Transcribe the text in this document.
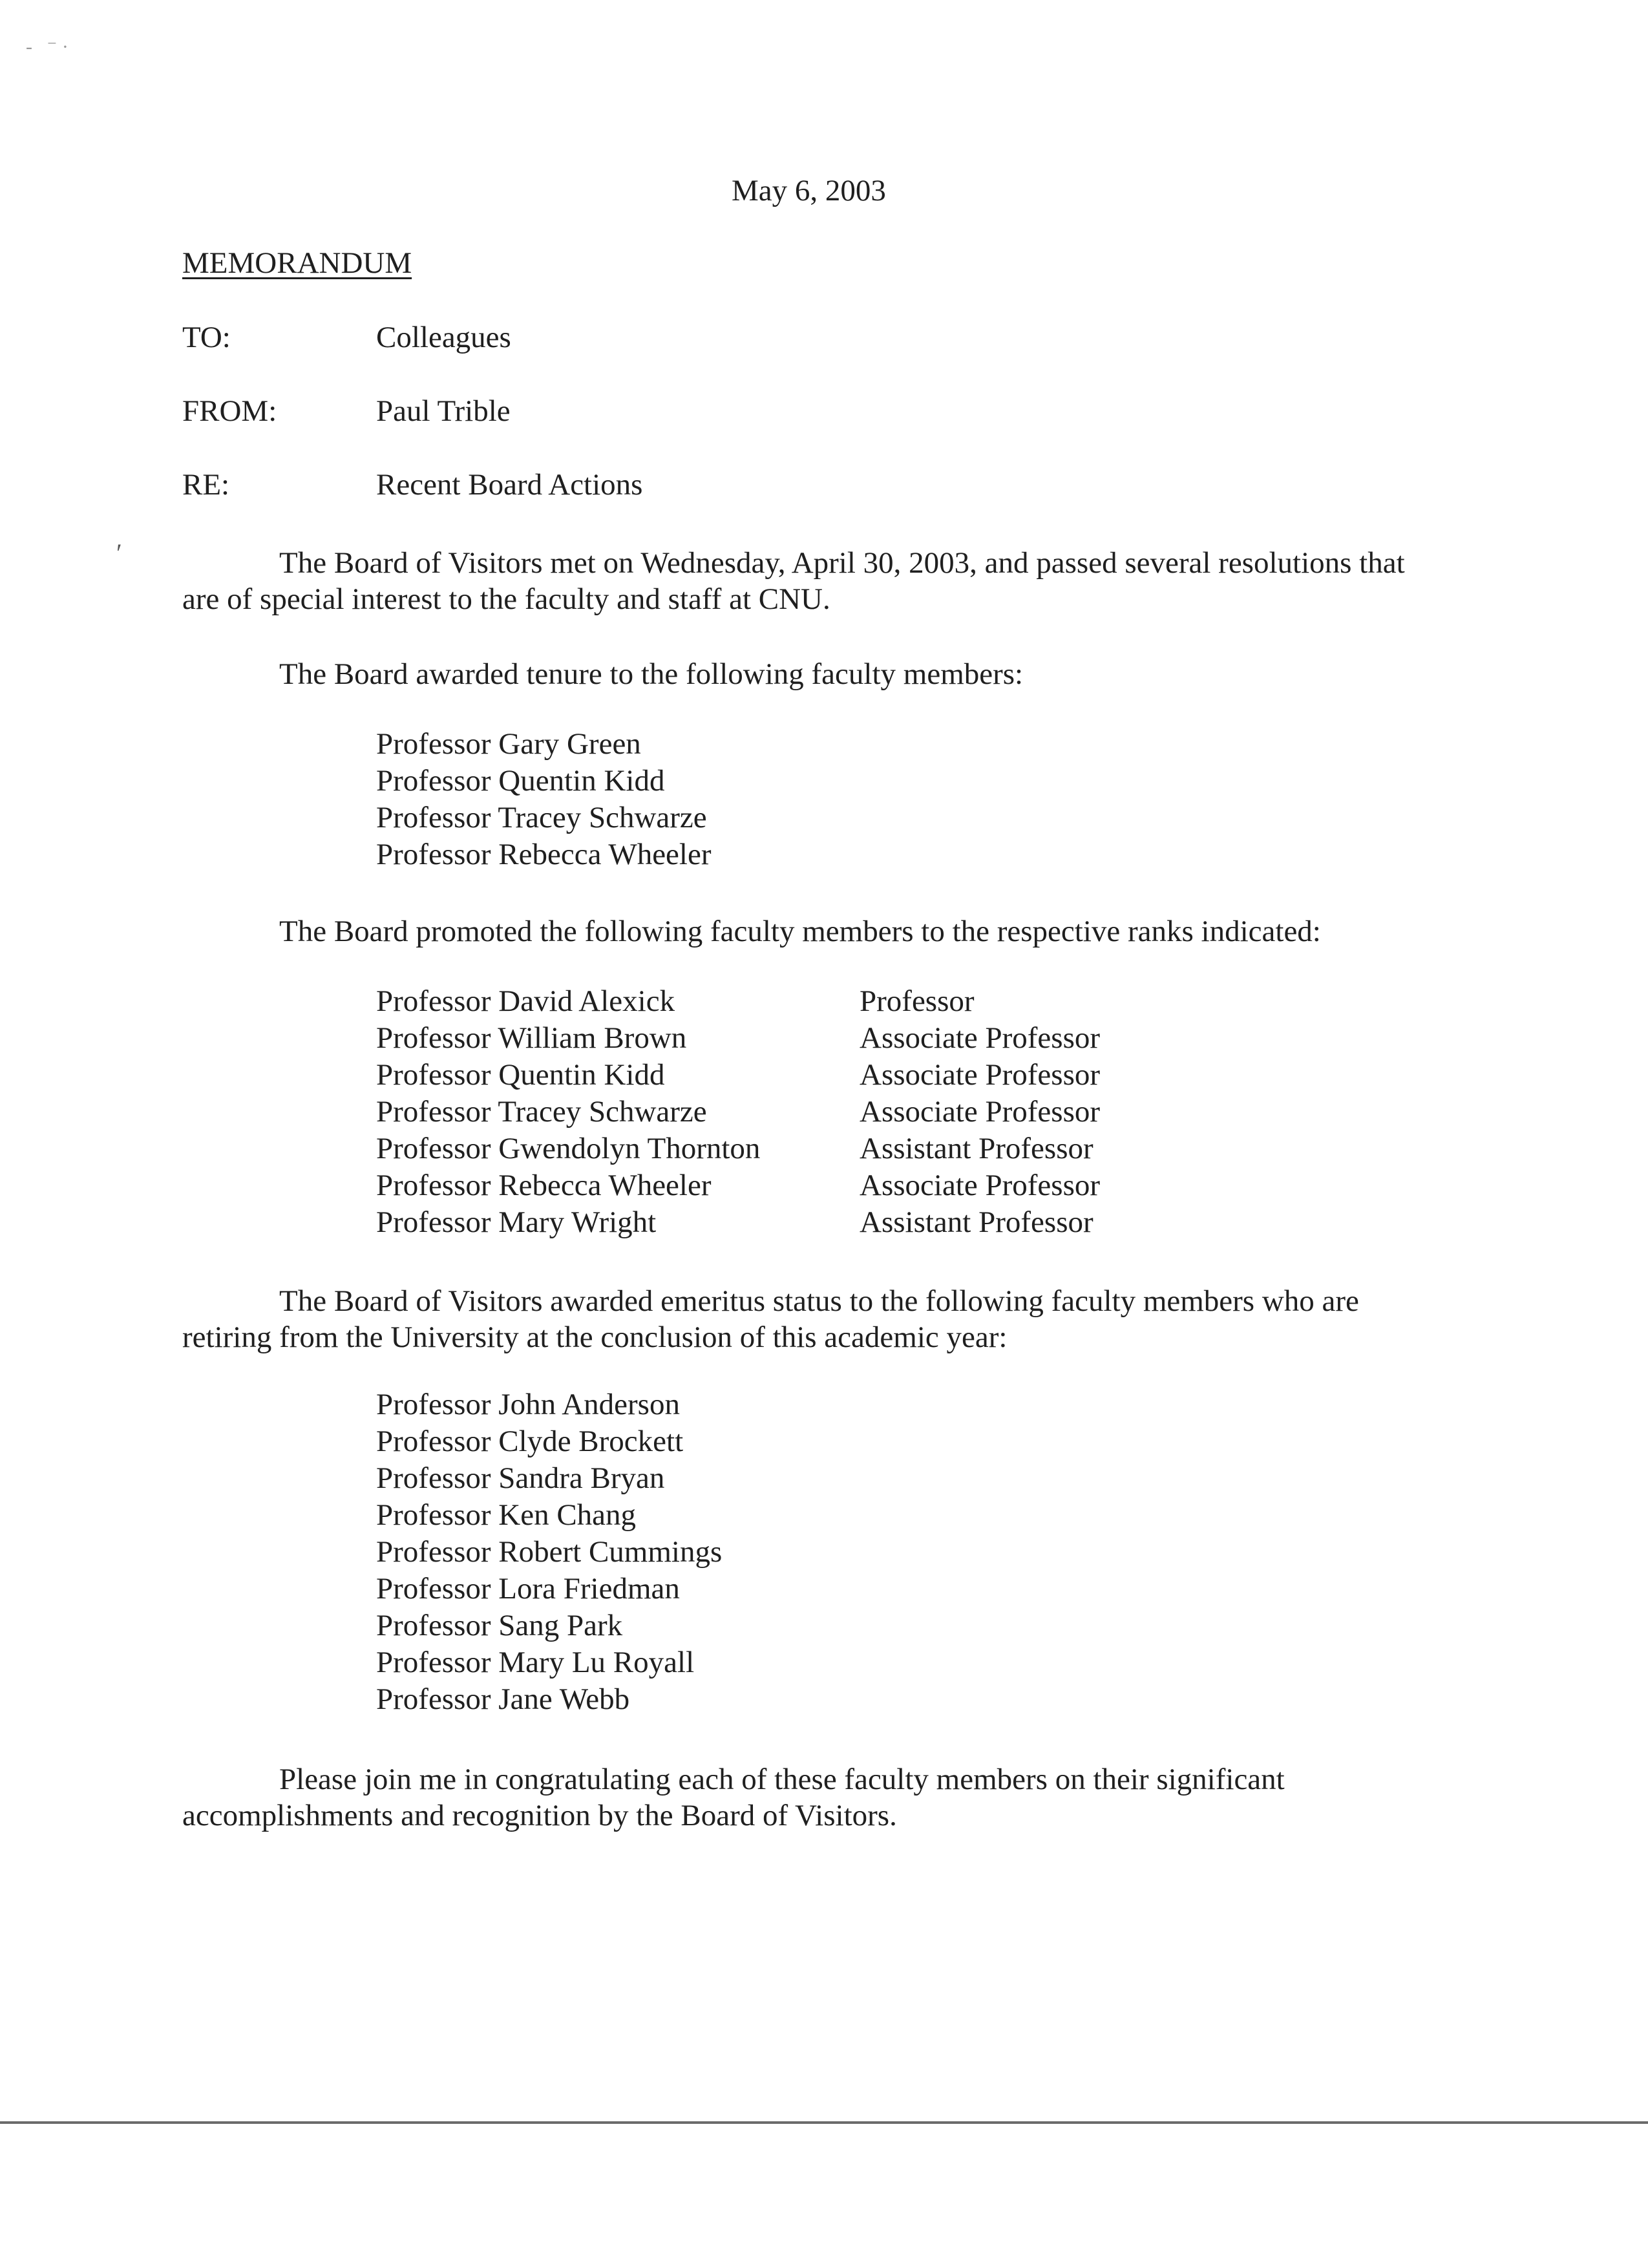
-   ⁻ ·
ʹ
May 6, 2003
MEMORANDUM
TO:	Colleagues
FROM:	Paul Trible
RE:	Recent Board Actions

The Board of Visitors met on Wednesday, April 30, 2003, and passed several resolutions that are of special interest to the faculty and staff at CNU.

The Board awarded tenure to the following faculty members:

Professor Gary Green
Professor Quentin Kidd
Professor Tracey Schwarze
Professor Rebecca Wheeler

The Board promoted the following faculty members to the respective ranks indicated:

Professor David Alexick	Professor
Professor William Brown	Associate Professor
Professor Quentin Kidd	Associate Professor
Professor Tracey Schwarze	Associate Professor
Professor Gwendolyn Thornton	Assistant Professor
Professor Rebecca Wheeler	Associate Professor
Professor Mary Wright	Assistant Professor

The Board of Visitors awarded emeritus status to the following faculty members who are retiring from the University at the conclusion of this academic year:

Professor John Anderson
Professor Clyde Brockett
Professor Sandra Bryan
Professor Ken Chang
Professor Robert Cummings
Professor Lora Friedman
Professor Sang Park
Professor Mary Lu Royall
Professor Jane Webb

Please join me in congratulating each of these faculty members on their significant accomplishments and recognition by the Board of Visitors.
